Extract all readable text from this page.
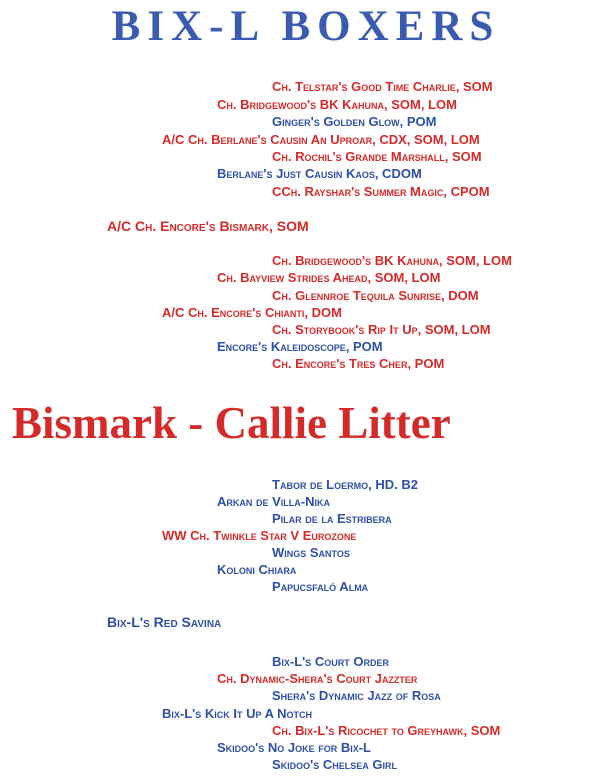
BIX-L BOXERS
Ch. Telstar's Good Time Charlie, SOM
Ch. Bridgewood's BK Kahuna, SOM, LOM
Ginger's Golden Glow, POM
A/C Ch. Berlane's Causin An Uproar, CDX, SOM, LOM
Ch. Rochil's Grande Marshall, SOM
Berlane's Just Causin Kaos, CDOM
CCh. Rayshar's Summer Magic, CPOM
A/C Ch. Encore's Bismark, SOM
Ch. Bridgewood's BK Kahuna, SOM, LOM
Ch. Bayview Strides Ahead, SOM, LOM
Ch. Glennroe Tequila Sunrise, DOM
A/C Ch. Encore's Chianti, DOM
Ch. Storybook's Rip It Up, SOM, LOM
Encore's Kaleidoscope, POM
Ch. Encore's Tres Cher, POM
Bismark - Callie Litter
Tabor de Loermo, HD. B2
Arkan de Villa-Nika
Pilar de la Estribera
WW Ch. Twinkle Star V Eurozone
Wings Santos
Koloni Chiara
Papucsfaló Alma
Bix-L's Red Savina
Bix-L's Court Order
Ch. Dynamic-Shera's Court Jazzter
Shera's Dynamic Jazz of Rosa
Bix-L's Kick It Up A Notch
Ch. Bix-L's Ricochet to Greyhawk, SOM
Skidoo's No Joke for Bix-L
Skidoo's Chelsea Girl
